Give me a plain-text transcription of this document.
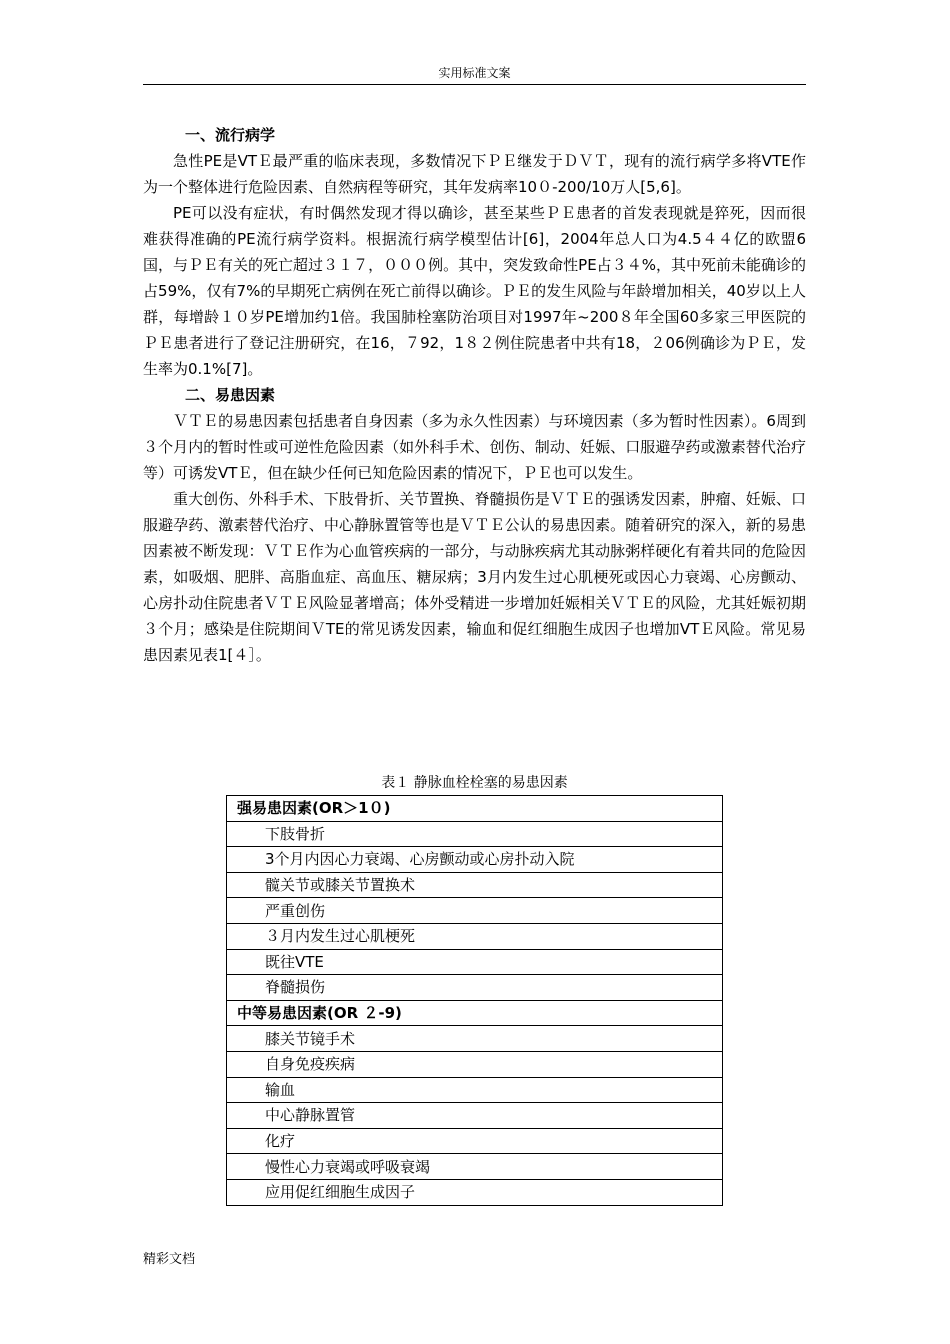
实用标准文案

一、流行病学

急性PE是VTＥ最严重的临床表现，多数情况下ＰＥ继发于ＤＶＴ，现有的流行病学多将VTE作为一个整体进行危险因素、自然病程等研究，其年发病率10０-200/10万人[5,6]。

PE可以没有症状，有时偶然发现才得以确诊，甚至某些ＰＥ患者的首发表现就是猝死，因而很难获得准确的PE流行病学资料。根据流行病学模型估计[6]，2004年总人口为4.5４４亿的欧盟6国，与ＰＥ有关的死亡超过３１７，０００例。其中，突发致命性PE占３４%，其中死前未能确诊的占59%，仅有7%的早期死亡病例在死亡前得以确诊。ＰＥ的发生风险与年龄增加相关，40岁以上人群，每增龄１０岁PE增加约1倍。我国肺栓塞防治项目对1997年~200８年全国60多家三甲医院的ＰＥ患者进行了登记注册研究，在16，７92，1８２例住院患者中共有18，２06例确诊为ＰＥ，发生率为0.1%[7]。

二、易患因素

ＶＴＥ的易患因素包括患者自身因素（多为永久性因素）与环境因素（多为暂时性因素）。6周到３个月内的暂时性或可逆性危险因素（如外科手术、创伤、制动、妊娠、口服避孕药或激素替代治疗等）可诱发VTＥ，但在缺少任何已知危险因素的情况下，ＰＥ也可以发生。

重大创伤、外科手术、下肢骨折、关节置换、脊髓损伤是ＶＴＥ的强诱发因素，肿瘤、妊娠、口服避孕药、激素替代治疗、中心静脉置管等也是ＶＴＥ公认的易患因素。随着研究的深入，新的易患因素被不断发现：ＶＴＥ作为心血管疾病的一部分，与动脉疾病尤其动脉粥样硬化有着共同的危险因素，如吸烟、肥胖、高脂血症、高血压、糖尿病；3月内发生过心肌梗死或因心力衰竭、心房颤动、心房扑动住院患者ＶＴＥ风险显著增高；体外受精进一步增加妊娠相关ＶＴＥ的风险，尤其妊娠初期３个月；感染是住院期间ＶTE的常见诱发因素，输血和促红细胞生成因子也增加VTＥ风险。常见易患因素见表1[４］。

表１ 静脉血栓栓塞的易患因素
强易患因素(OR＞1０)
下肢骨折
3个月内因心力衰竭、心房颤动或心房扑动入院
髋关节或膝关节置换术
严重创伤
３月内发生过心肌梗死
既往VTE
脊髓损伤
中等易患因素(OR ２-9)
膝关节镜手术
自身免疫疾病
输血
中心静脉置管
化疗
慢性心力衰竭或呼吸衰竭
应用促红细胞生成因子
精彩文档
